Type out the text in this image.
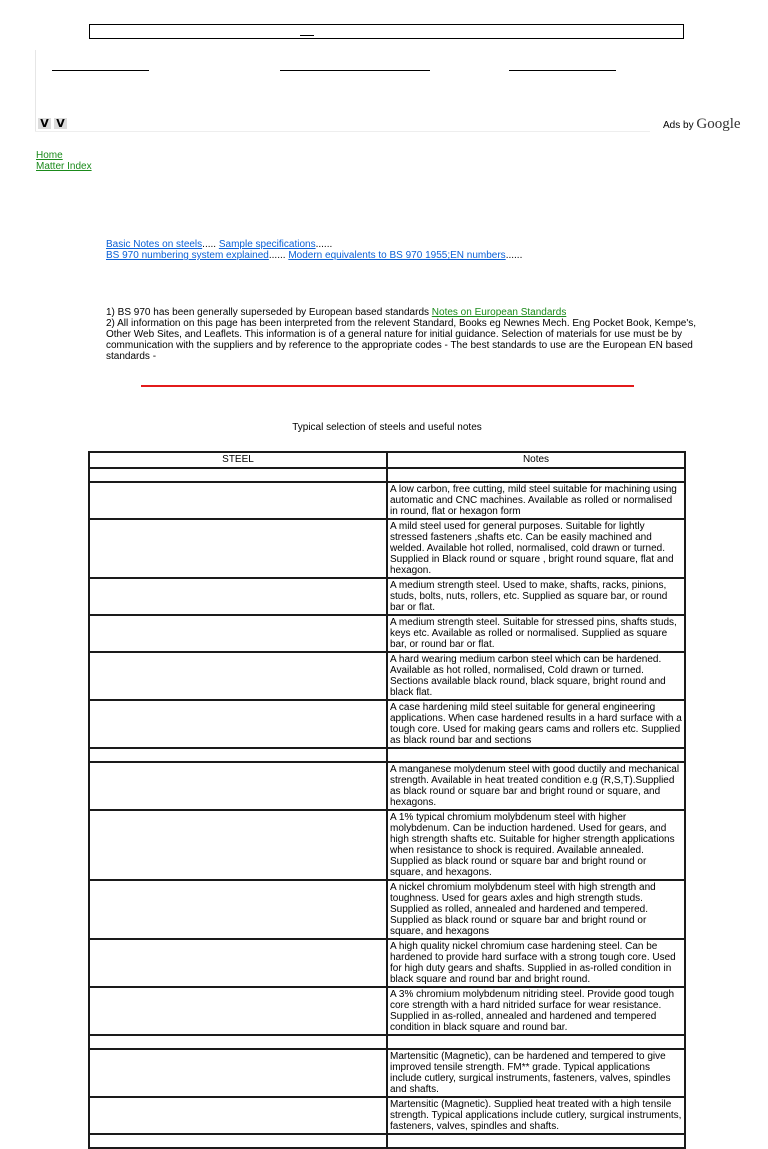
V V	Ads by Google
Home
Matter Index
Basic Notes on steels..... Sample specifications......
BS 970 numbering system explained...... Modern equivalents to BS 970 1955;EN numbers......

1) BS 970 has been generally superseded by European based standards Notes on European Standards

2) All information on this page has been interpreted from the relevent Standard, Books eg Newnes Mech. Eng Pocket Book, Kempe's, Other Web Sites, and Leaflets. This information is of a general nature for initial guidance. Selection of materials for use must be by communication with the suppliers and by reference to the appropriate codes - The best standards to use are the European EN based standards -

Typical selection of steels and useful notes
STEEL	Notes

	A low carbon, free cutting, mild steel suitable for machining using automatic and CNC machines. Available as rolled or normalised in round, flat or hexagon form
	A mild steel used for general purposes. Suitable for lightly stressed fasteners ,shafts etc. Can be easily machined and welded. Available hot rolled, normalised, cold drawn or turned. Supplied in Black round or square , bright round square, flat and hexagon.
	A medium strength steel. Used to make, shafts, racks, pinions, studs, bolts, nuts, rollers, etc. Supplied as square bar, or round bar or flat.
	A medium strength steel. Suitable for stressed pins, shafts studs, keys etc. Available as rolled or normalised. Supplied as square bar, or round bar or flat.
	A hard wearing medium carbon steel which can be hardened. Available as hot rolled, normalised, Cold drawn or turned. Sections available black round, black square, bright round and black flat.
	A case hardening mild steel suitable for general engineering applications. When case hardened results in a hard surface with a tough core. Used for making gears cams and rollers etc. Supplied as black round bar and sections

	A manganese molydenum steel with good ductily and mechanical strength. Available in heat treated condition e.g (R,S,T).Supplied as black round or square bar and bright round or square, and hexagons.
	A 1% typical chromium molybdenum steel with higher molybdenum. Can be induction hardened. Used for gears, and high strength shafts etc. Suitable for higher strength applications when resistance to shock is required. Available annealed. Supplied as black round or square bar and bright round or square, and hexagons.
	A nickel chromium molybdenum steel with high strength and toughness. Used for gears axles and high strength studs. Supplied as rolled, annealed and hardened and tempered. Supplied as black round or square bar and bright round or square, and hexagons
	A high quality nickel chromium case hardening steel. Can be hardened to provide hard surface with a strong tough core. Used for high duty gears and shafts. Supplied in as-rolled condition in black square and round bar and bright round.
	A 3% chromium molybdenum nitriding steel. Provide good tough core strength with a hard nitrided surface for wear resistance. Supplied in as-rolled, annealed and hardened and tempered condition in black square and round bar.

	Martensitic (Magnetic), can be hardened and tempered to give improved tensile strength. FM** grade. Typical applications include cutlery, surgical instruments, fasteners, valves, spindles and shafts.
	Martensitic (Magnetic). Supplied heat treated with a high tensile strength. Typical applications include cutlery, surgical instruments, fasteners, valves, spindles and shafts.
